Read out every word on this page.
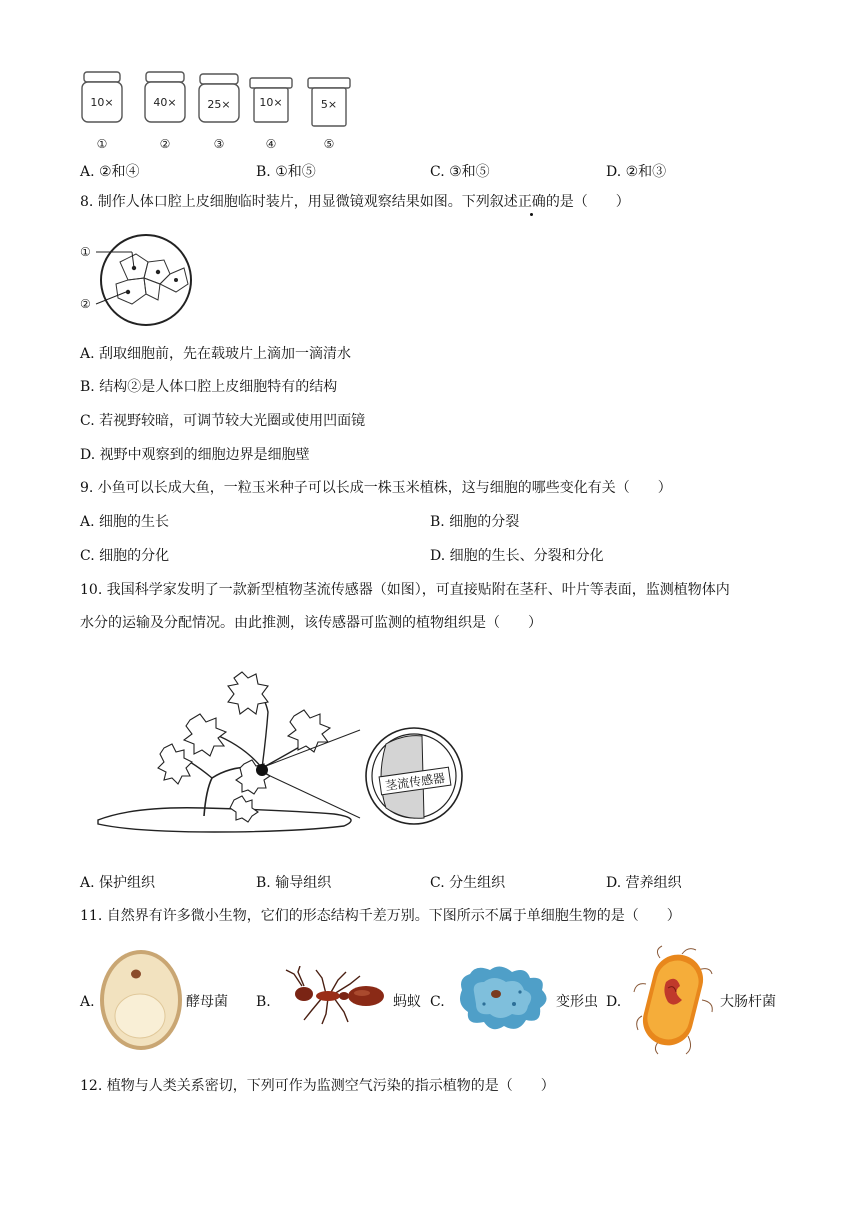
10×
①
40×
②
25×
③
10×
④
5×
⑤
A. ②和④	B. ①和⑤	C. ③和⑤	D. ②和③
8. 制作人体口腔上皮细胞临时装片，用显微镜观察结果如图。下列叙述正确的是（　　）
①
②
A. 刮取细胞前，先在载玻片上滴加一滴清水
B. 结构②是人体口腔上皮细胞特有的结构
C. 若视野较暗，可调节较大光圈或使用凹面镜
D. 视野中观察到的细胞边界是细胞壁
9. 小鱼可以长成大鱼，一粒玉米种子可以长成一株玉米植株，这与细胞的哪些变化有关（　　）
A. 细胞的生长	B. 细胞的分裂
C. 细胞的分化	D. 细胞的生长、分裂和分化
10. 我国科学家发明了一款新型植物茎流传感器（如图），可直接贴附在茎秆、叶片等表面，监测植物体内
水分的运输及分配情况。由此推测，该传感器可监测的植物组织是（　　）
茎流传感器
A. 保护组织	B. 输导组织	C. 分生组织	D. 营养组织
11. 自然界有许多微小生物，它们的形态结构千差万别。下图所示不属于单细胞生物的是（　　）
A.	酵母菌 B.	蚂蚁 C.	变形虫 D.	大肠杆菌
12. 植物与人类关系密切，下列可作为监测空气污染的指示植物的是（　　）
